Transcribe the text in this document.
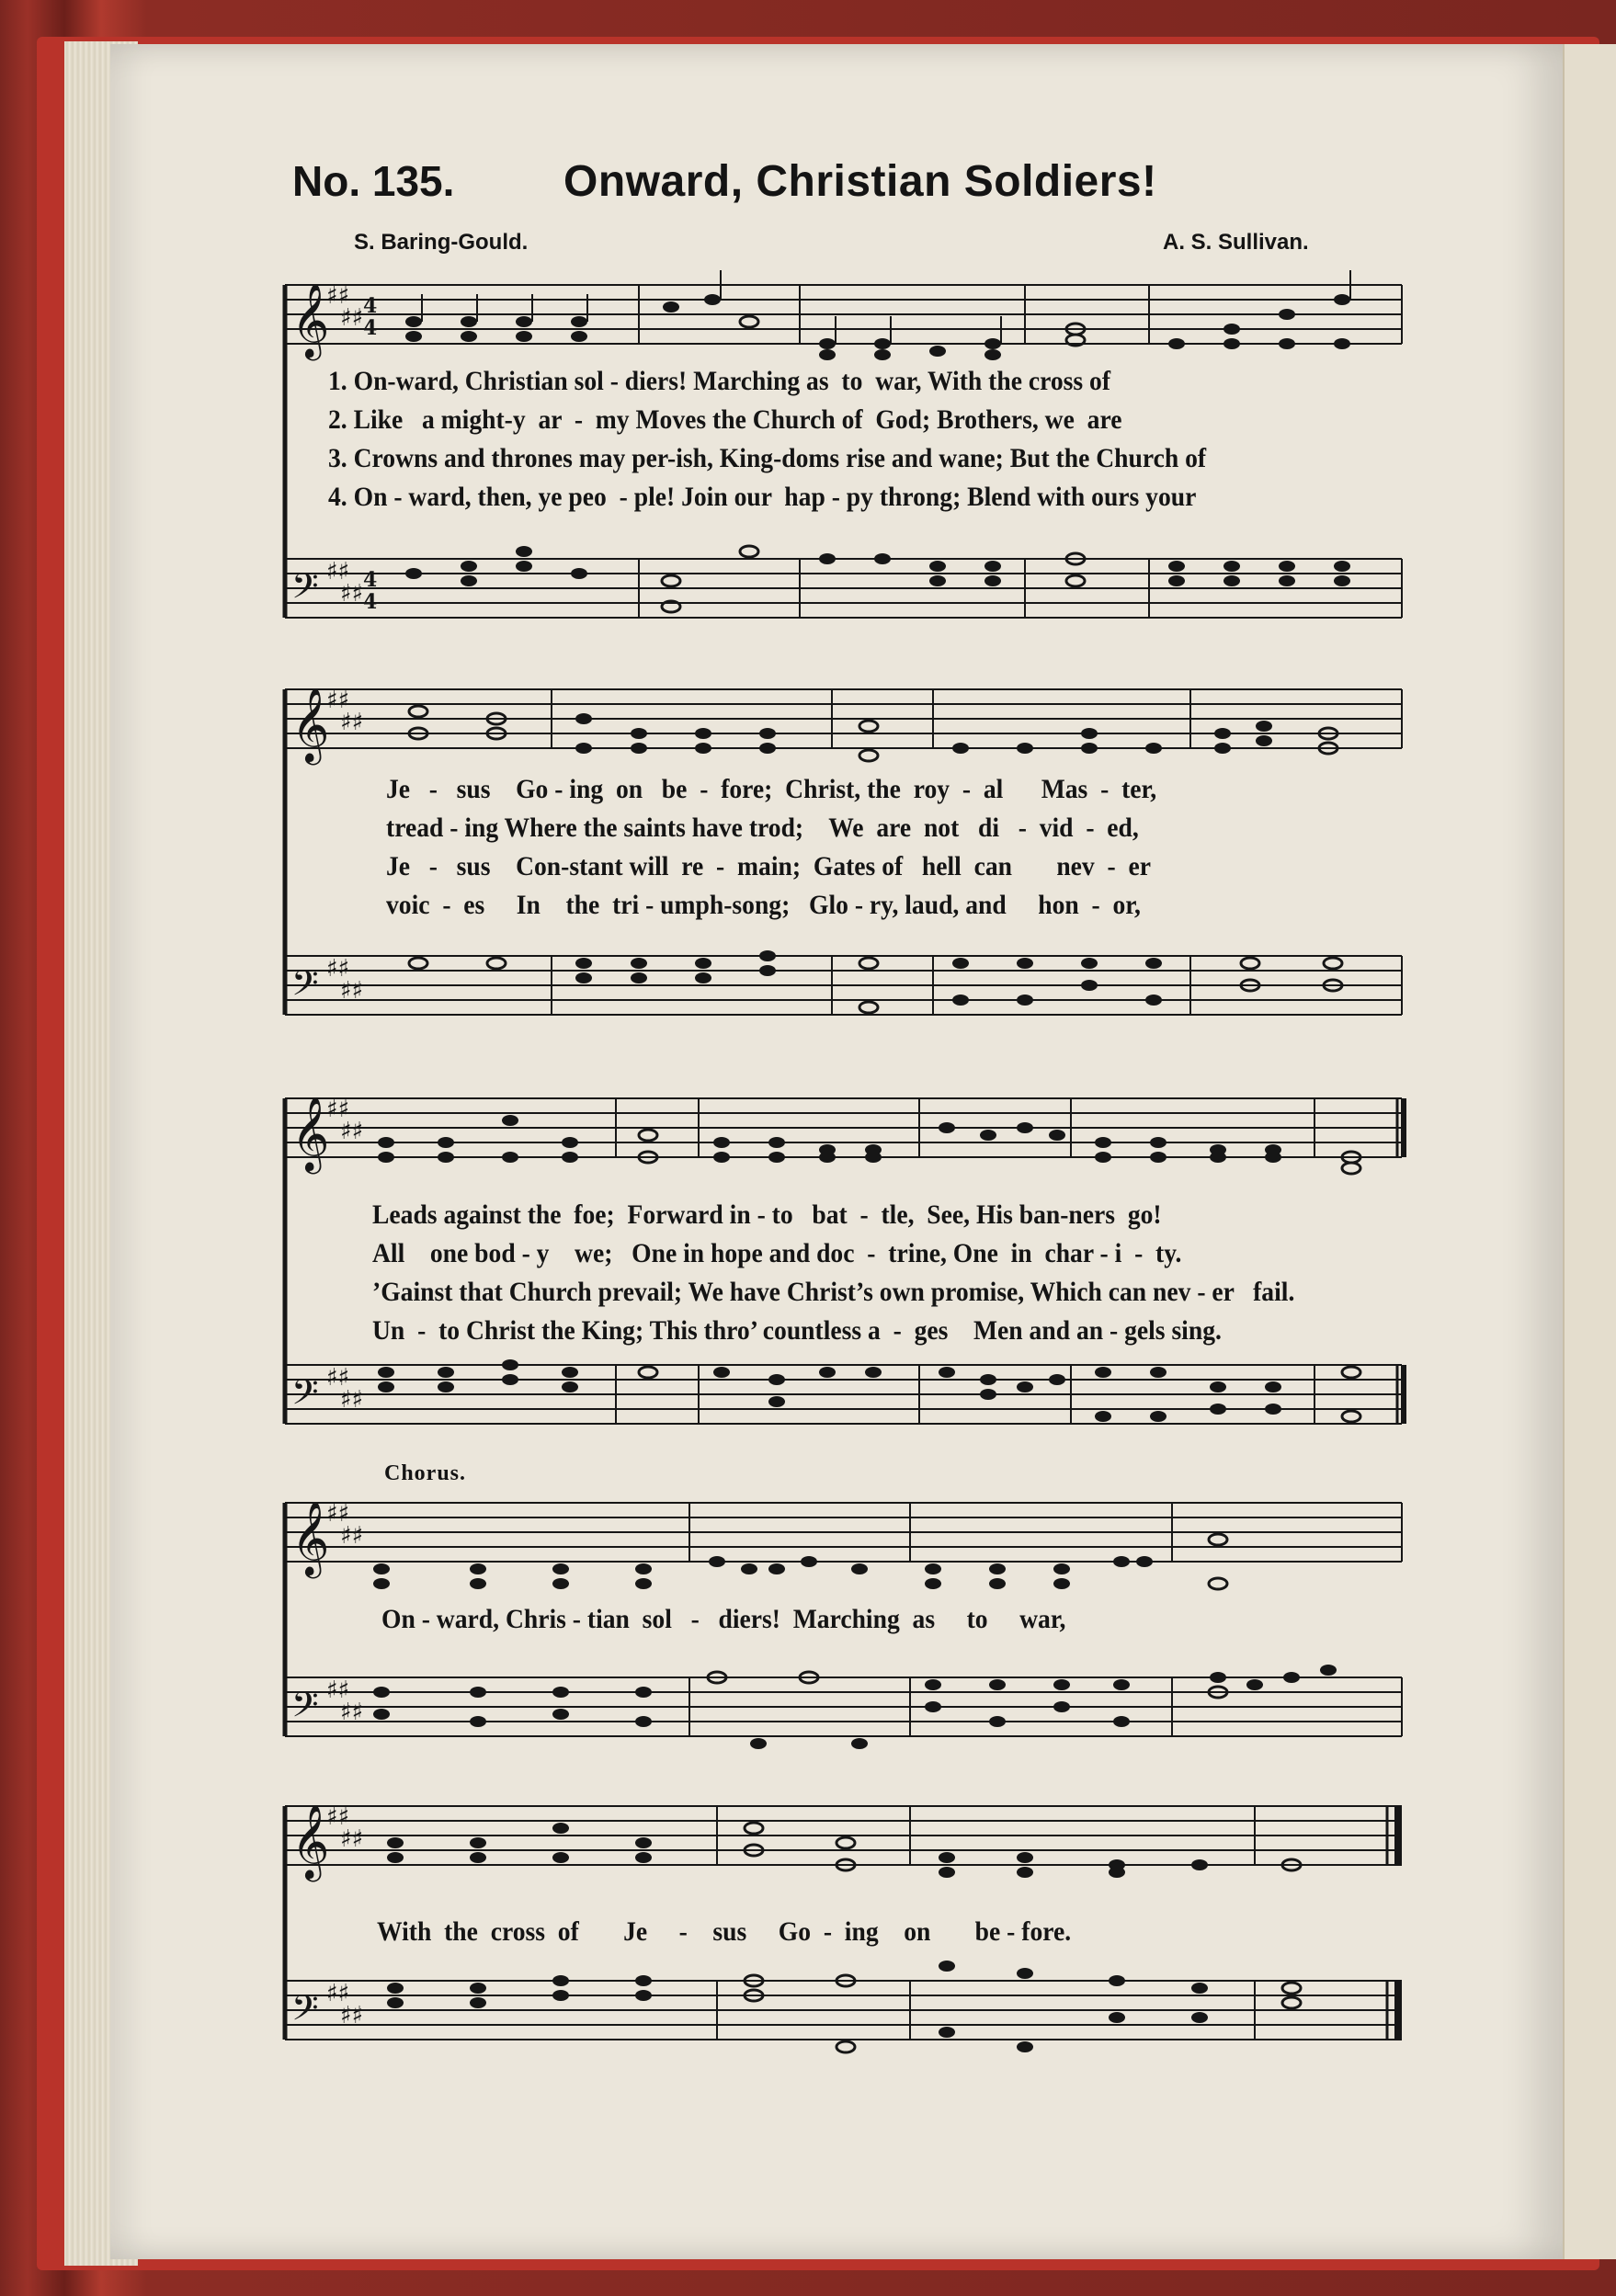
No. 135. Onward, Christian Soldiers!
S. Baring-Gould.	A. S. Sullivan.
𝄞
𝄢
♯♯
♯♯
♯♯
♯♯
4
4
4
4
1. On-ward, Christian sol - diers! Marching as  to  war, With the cross of
2. Like   a might-y  ar  -  my Moves the Church of  God; Brothers, we  are
3. Crowns and thrones may per-ish, King-doms rise and wane; But the Church of
4. On - ward, then, ye peo  - ple! Join our  hap - py throng; Blend with ours your
𝄞
𝄢
♯♯
♯♯
♯♯
♯♯
Je   -   sus    Go - ing  on   be  -  fore;  Christ, the  roy  -  al      Mas  -  ter,
tread - ing Where the saints have trod;    We  are  not   di   -  vid  -  ed,
Je   -   sus    Con-stant will  re  -  main;  Gates of   hell  can       nev  -  er
voic  -  es     In    the  tri - umph-song;   Glo - ry, laud, and     hon  -  or,
𝄞
𝄢
♯♯
♯♯
♯♯
♯♯
Leads against the  foe;  Forward in - to   bat  -  tle,  See, His ban-ners  go!
All    one bod - y    we;   One in hope and doc  -  trine, One  in  char - i  -  ty.
’Gainst that Church prevail; We have Christ’s own promise, Which can nev - er   fail.
Un  -  to Christ the King; This thro’ countless a  -  ges    Men and an - gels sing.
Chorus.
𝄞
𝄢
♯♯
♯♯
♯♯
♯♯
On - ward, Chris - tian  sol   -   diers!  Marching  as     to     war,
𝄞
𝄢
♯♯
♯♯
♯♯
♯♯
With  the  cross  of       Je     -    sus     Go  -  ing    on       be - fore.
